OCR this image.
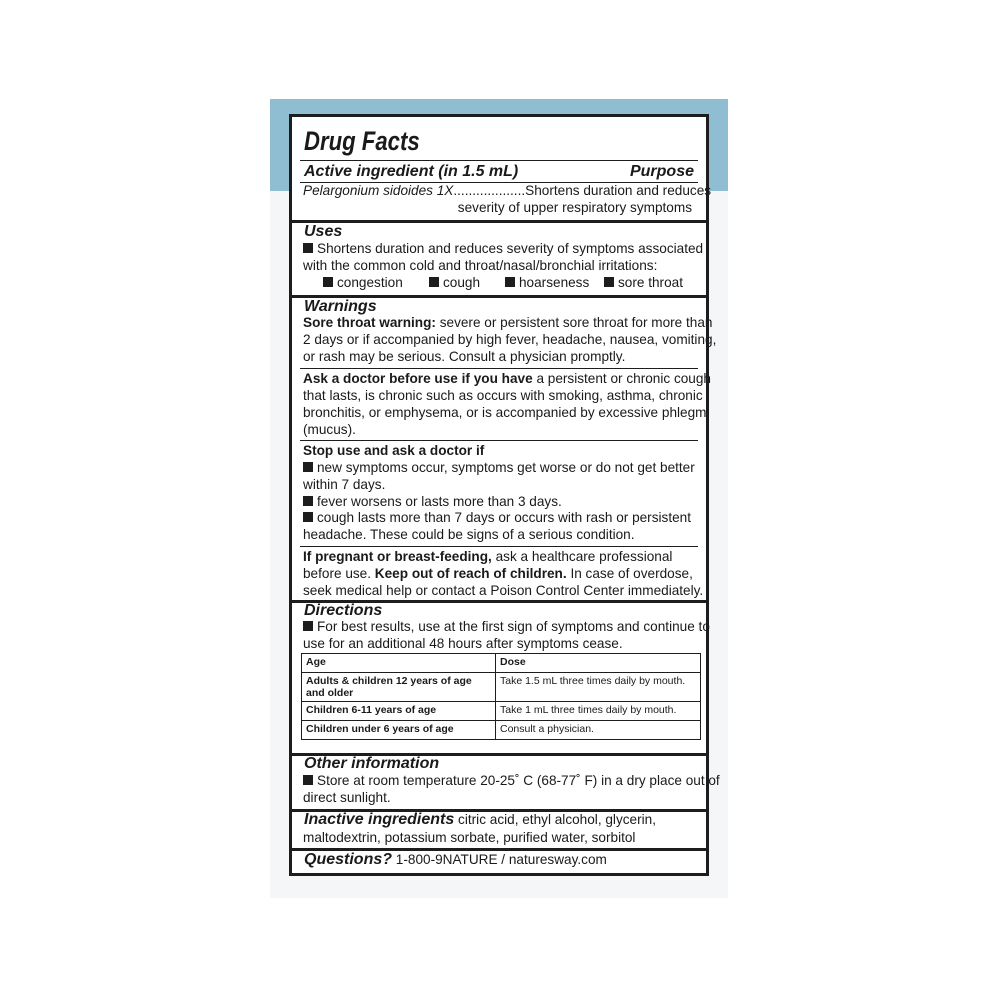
Drug Facts
Active ingredient (in 1.5 mL)	Purpose
Pelargonium sidoides 1X...................Shortens duration and reduces
severity of upper respiratory symptoms
Uses
Shortens duration and reduces severity of symptoms associated
with the common cold and throat/nasal/bronchial irritations:
congestion	cough	hoarseness	sore throat
Warnings
Sore throat warning: severe or persistent sore throat for more than
2 days or if accompanied by high fever, headache, nausea, vomiting,
or rash may be serious. Consult a physician promptly.
Ask a doctor before use if you have a persistent or chronic cough
that lasts, is chronic such as occurs with smoking, asthma, chronic
bronchitis, or emphysema, or is accompanied by excessive phlegm
(mucus).
Stop use and ask a doctor if
new symptoms occur, symptoms get worse or do not get better
within 7 days.
fever worsens or lasts more than 3 days.
cough lasts more than 7 days or occurs with rash or persistent
headache. These could be signs of a serious condition.
If pregnant or breast-feeding, ask a healthcare professional
before use. Keep out of reach of children. In case of overdose,
seek medical help or contact a Poison Control Center immediately.
Directions
For best results, use at the first sign of symptoms and continue to
use for an additional 48 hours after symptoms cease.
Age	Dose
Adults & children 12 years of age
and older	Take 1.5 mL three times daily by mouth.
Children 6-11 years of age	Take 1 mL three times daily by mouth.
Children under 6 years of age	Consult a physician.
Other information
Store at room temperature 20-25˚ C (68-77˚ F) in a dry place out of
direct sunlight.
Inactive ingredients citric acid, ethyl alcohol, glycerin,
maltodextrin, potassium sorbate, purified water, sorbitol
Questions? 1-800-9NATURE / naturesway.com
